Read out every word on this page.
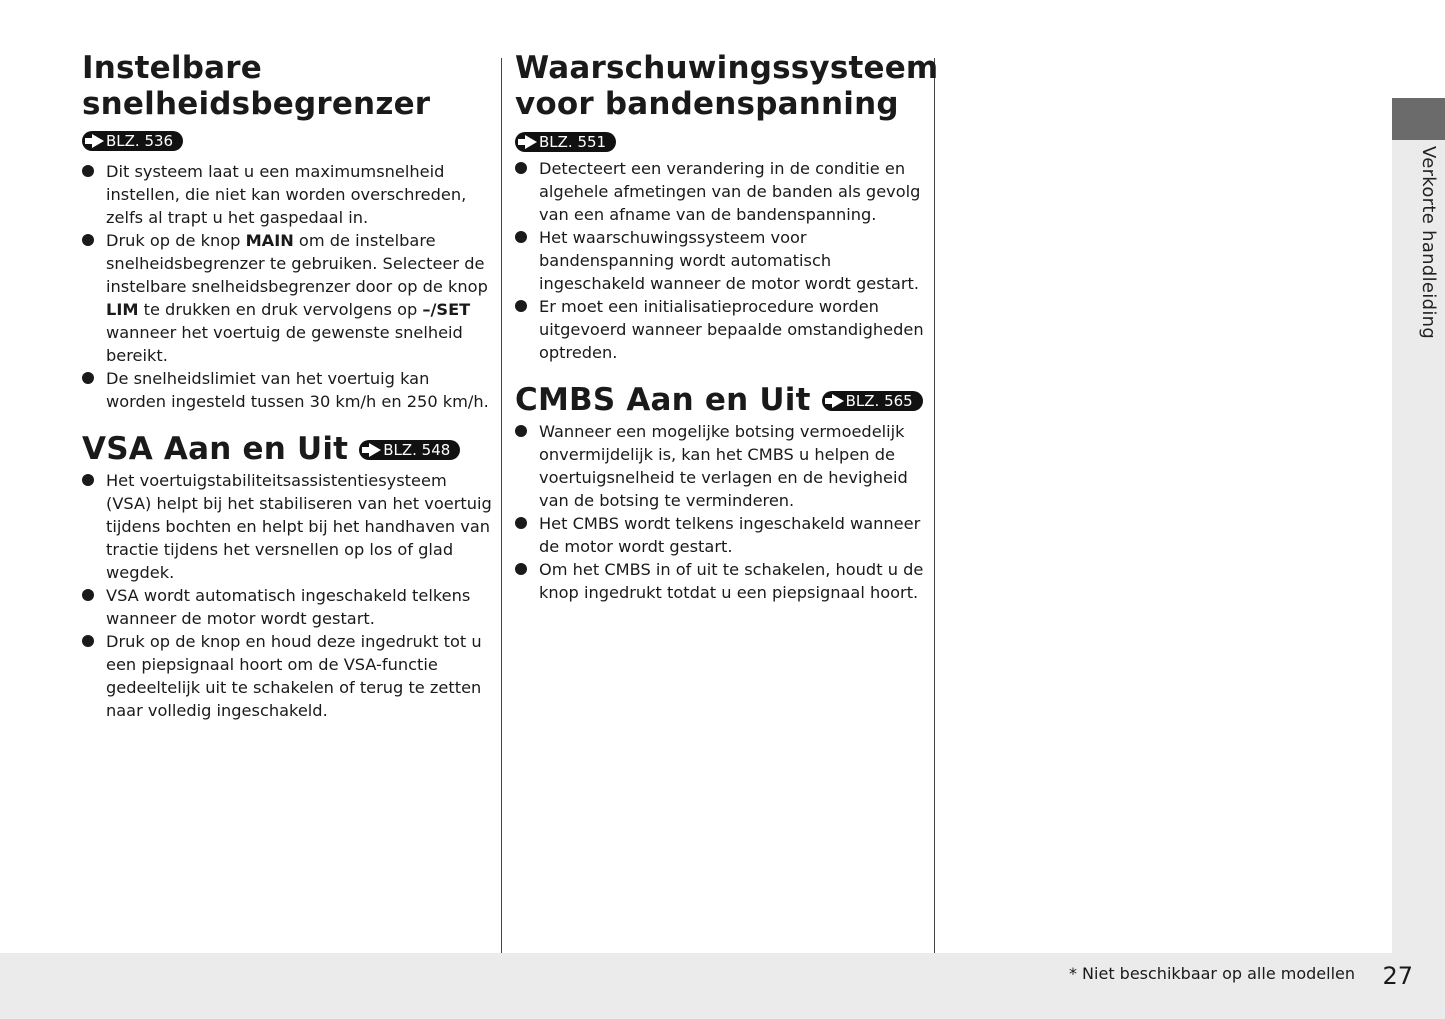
Instelbare
snelheidsbegrenzer BLZ. 536
Dit systeem laat u een maximumsnelheid instellen, die niet kan worden overschreden, zelfs al trapt u het gaspedaal in.
Druk op de knop MAIN om de instelbare snelheidsbegrenzer te gebruiken. Selecteer de instelbare snelheidsbegrenzer door op de knop LIM te drukken en druk vervolgens op –/SET wanneer het voertuig de gewenste snelheid bereikt.
De snelheidslimiet van het voertuig kan worden ingesteld tussen 30 km/h en 250 km/h.
VSA Aan en Uit BLZ. 548
Het voertuigstabiliteitsassistentiesysteem (VSA) helpt bij het stabiliseren van het voertuig tijdens bochten en helpt bij het handhaven van tractie tijdens het versnellen op los of glad wegdek.
VSA wordt automatisch ingeschakeld telkens wanneer de motor wordt gestart.
Druk op de knop en houd deze ingedrukt tot u een piepsignaal hoort om de VSA-functie gedeeltelijk uit te schakelen of terug te zetten naar volledig ingeschakeld.
Waarschuwingssysteem
voor bandenspanning
BLZ. 551
Detecteert een verandering in de conditie en algehele afmetingen van de banden als gevolg van een afname van de bandenspanning.
Het waarschuwingssysteem voor bandenspanning wordt automatisch ingeschakeld wanneer de motor wordt gestart.
Er moet een initialisatieprocedure worden uitgevoerd wanneer bepaalde omstandigheden optreden.
CMBS Aan en Uit BLZ. 565
Wanneer een mogelijke botsing vermoedelijk onvermijdelijk is, kan het CMBS u helpen de voertuigsnelheid te verlagen en de hevigheid van de botsing te verminderen.
Het CMBS wordt telkens ingeschakeld wanneer de motor wordt gestart.
Om het CMBS in of uit te schakelen, houdt u de knop ingedrukt totdat u een piepsignaal hoort.
Verkorte handleiding
* Niet beschikbaar op alle modellen 27
